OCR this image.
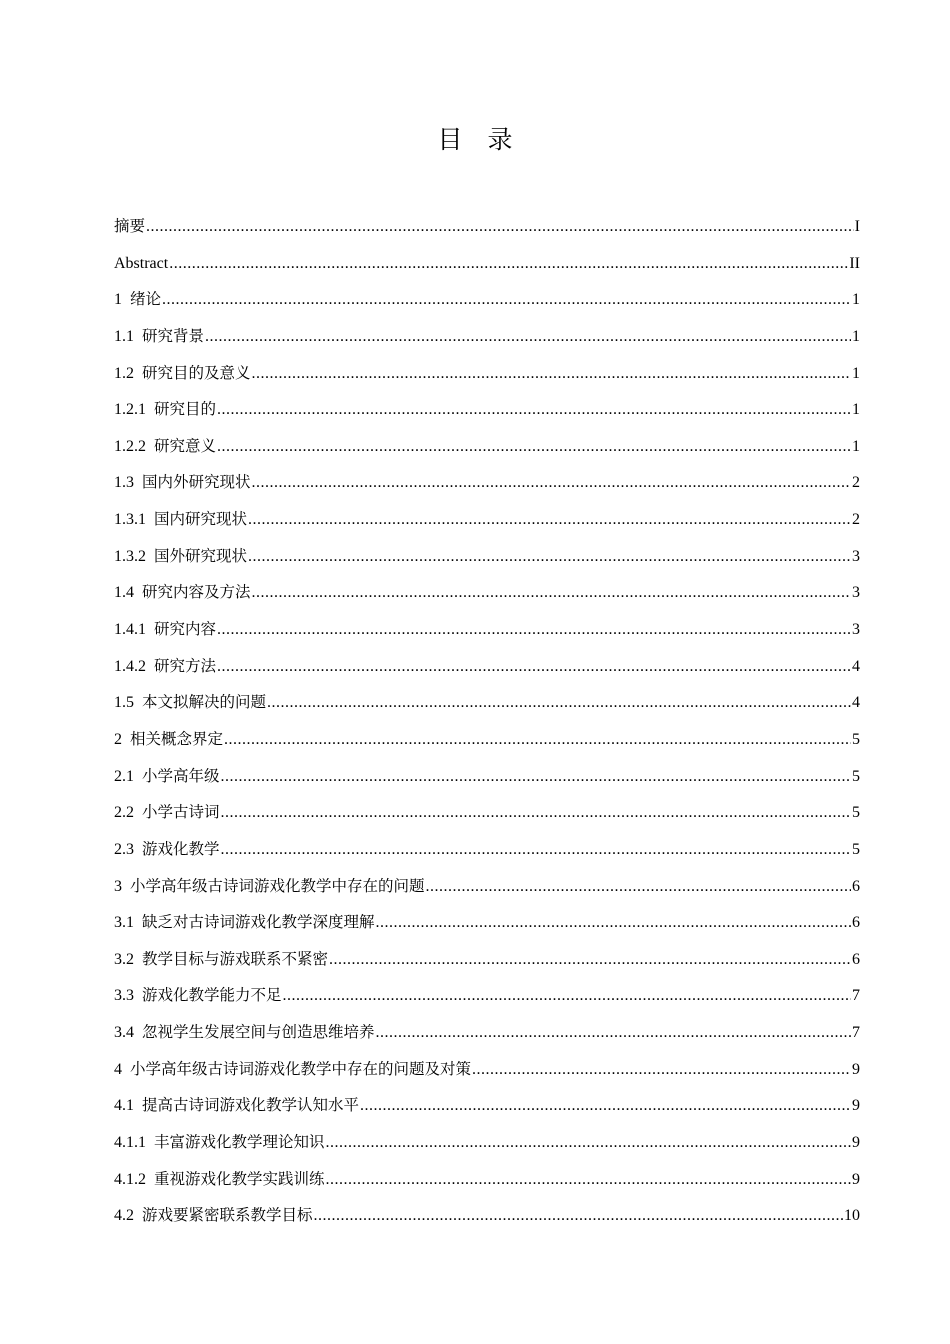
目　录
摘要 .....	I
Abstract .....	II
1 绪论 .....	1
1.1 研究背景 .....	1
1.2 研究目的及意义 .....	1
1.2.1 研究目的 .....	1
1.2.2 研究意义 .....	1
1.3 国内外研究现状 .....	2
1.3.1 国内研究现状 .....	2
1.3.2 国外研究现状 .....	3
1.4 研究内容及方法 .....	3
1.4.1 研究内容 .....	3
1.4.2 研究方法 .....	4
1.5 本文拟解决的问题 .....	4
2 相关概念界定 .....	5
2.1 小学高年级 .....	5
2.2 小学古诗词 .....	5
2.3 游戏化教学 .....	5
3 小学高年级古诗词游戏化教学中存在的问题 .....	6
3.1 缺乏对古诗词游戏化教学深度理解 .....	6
3.2 教学目标与游戏联系不紧密 .....	6
3.3 游戏化教学能力不足 .....	7
3.4 忽视学生发展空间与创造思维培养 .....	7
4 小学高年级古诗词游戏化教学中存在的问题及对策 .....	9
4.1 提高古诗词游戏化教学认知水平 .....	9
4.1.1 丰富游戏化教学理论知识 .....	9
4.1.2 重视游戏化教学实践训练 .....	9
4.2 游戏要紧密联系教学目标 .....	10
